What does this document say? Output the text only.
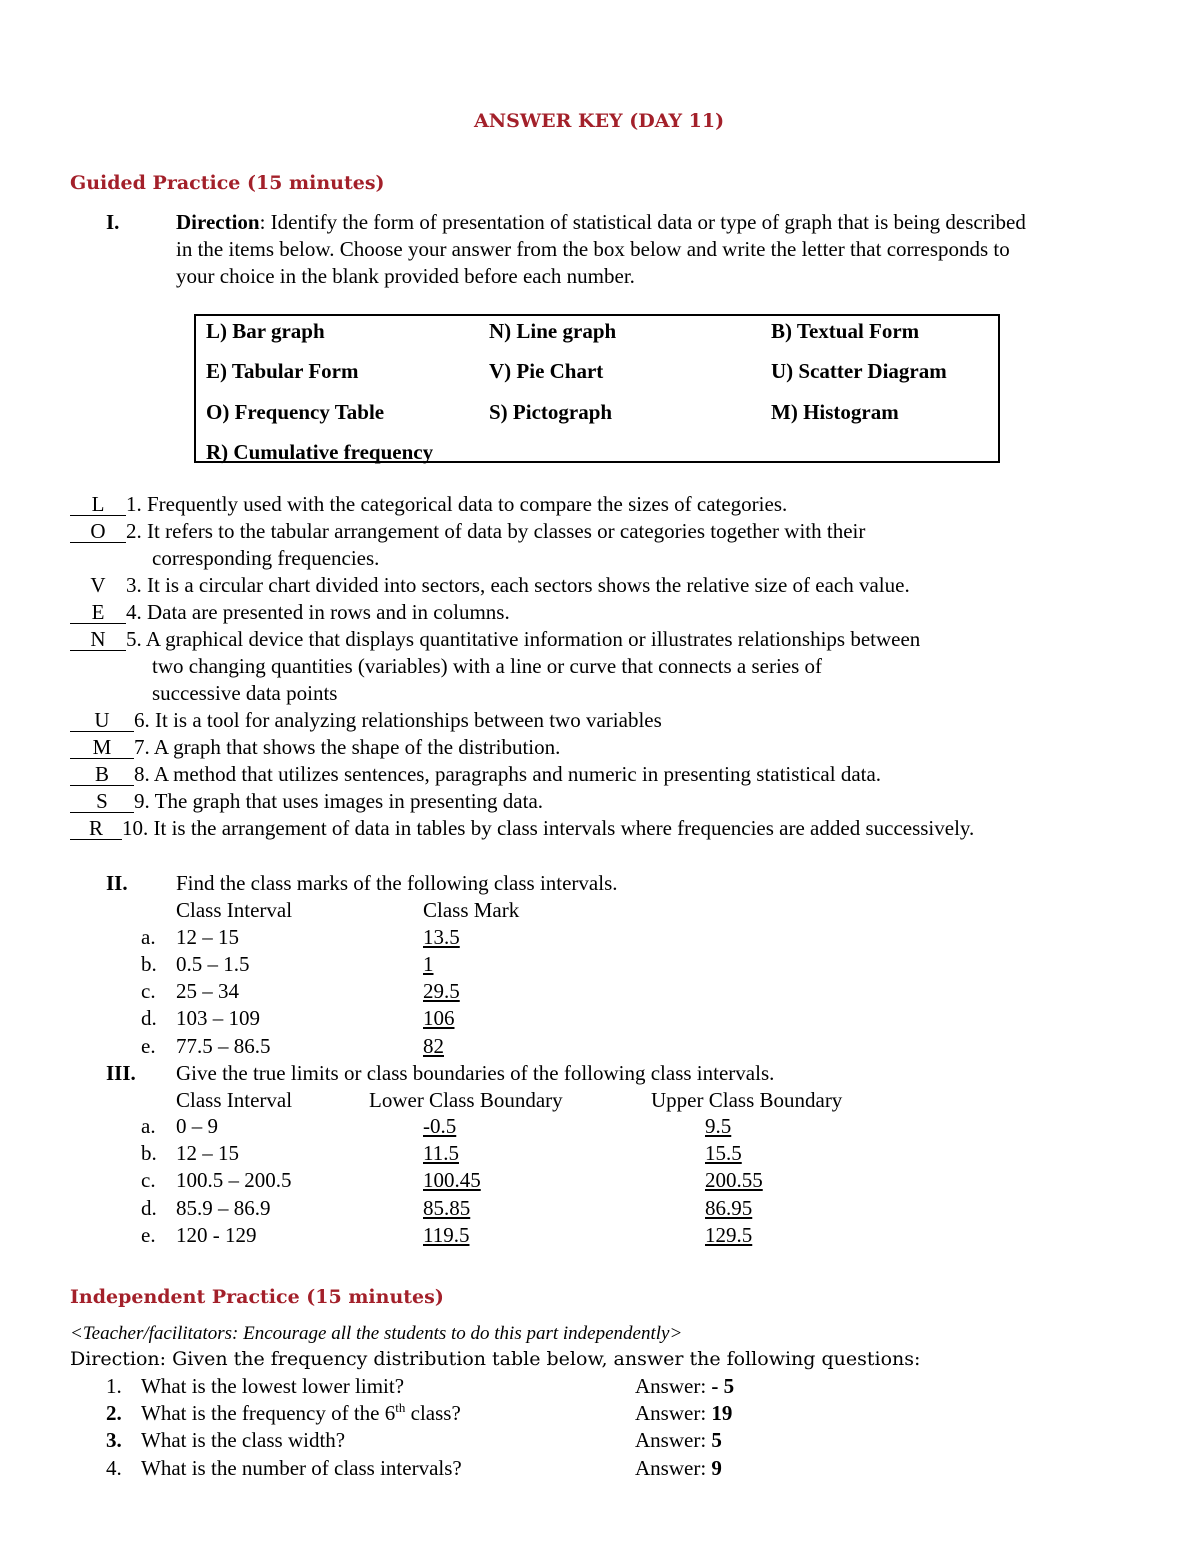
ANSWER KEY (DAY 11)
Guided Practice (15 minutes)
I.	Direction: Identify the form of presentation of statistical data or type of graph that is being described
in the items below. Choose your answer from the box below and write the letter that corresponds to
your choice in the blank provided before each number.
L) Bar graph	N) Line graph	B) Textual Form
E) Tabular Form	V) Pie Chart	U) Scatter Diagram
O) Frequency Table	S) Pictograph	M) Histogram
R) Cumulative frequency
L 1. Frequently used with the categorical data to compare the sizes of categories.
O 2. It refers to the tabular arrangement of data by classes or categories together with their
corresponding frequencies.
V 3. It is a circular chart divided into sectors, each sectors shows the relative size of each value.
E 4. Data are presented in rows and in columns.
N 5. A graphical device that displays quantitative information or illustrates relationships between
two changing quantities (variables) with a line or curve that connects a series of
successive data points
U 6. It is a tool for analyzing relationships between two variables
M 7. A graph that shows the shape of the distribution.
B 8. A method that utilizes sentences, paragraphs and numeric in presenting statistical data.
S 9. The graph that uses images in presenting data.
R 10. It is the arrangement of data in tables by class intervals where frequencies are added successively.
II. Find the class marks of the following class intervals.
Class Interval	Class Mark
a. 12 – 15	13.5
b. 0.5 – 1.5	1
c. 25 – 34	29.5
d. 103 – 109	106
e. 77.5 – 86.5	82
III. Give the true limits or class boundaries of the following class intervals.
Class Interval	Lower Class Boundary	Upper Class Boundary
a. 0 – 9	-0.5	9.5
b. 12 – 15	11.5	15.5
c. 100.5 – 200.5	100.45	200.55
d. 85.9 – 86.9	85.85	86.95
e. 120 - 129	119.5	129.5
Independent Practice (15 minutes)
<Teacher/facilitators: Encourage all the students to do this part independently>
Direction: Given the frequency distribution table below, answer the following questions:
1. What is the lowest lower limit?	Answer: - 5
2. What is the frequency of the 6th class?	Answer: 19
3. What is the class width?	Answer: 5
4. What is the number of class intervals?	Answer: 9
